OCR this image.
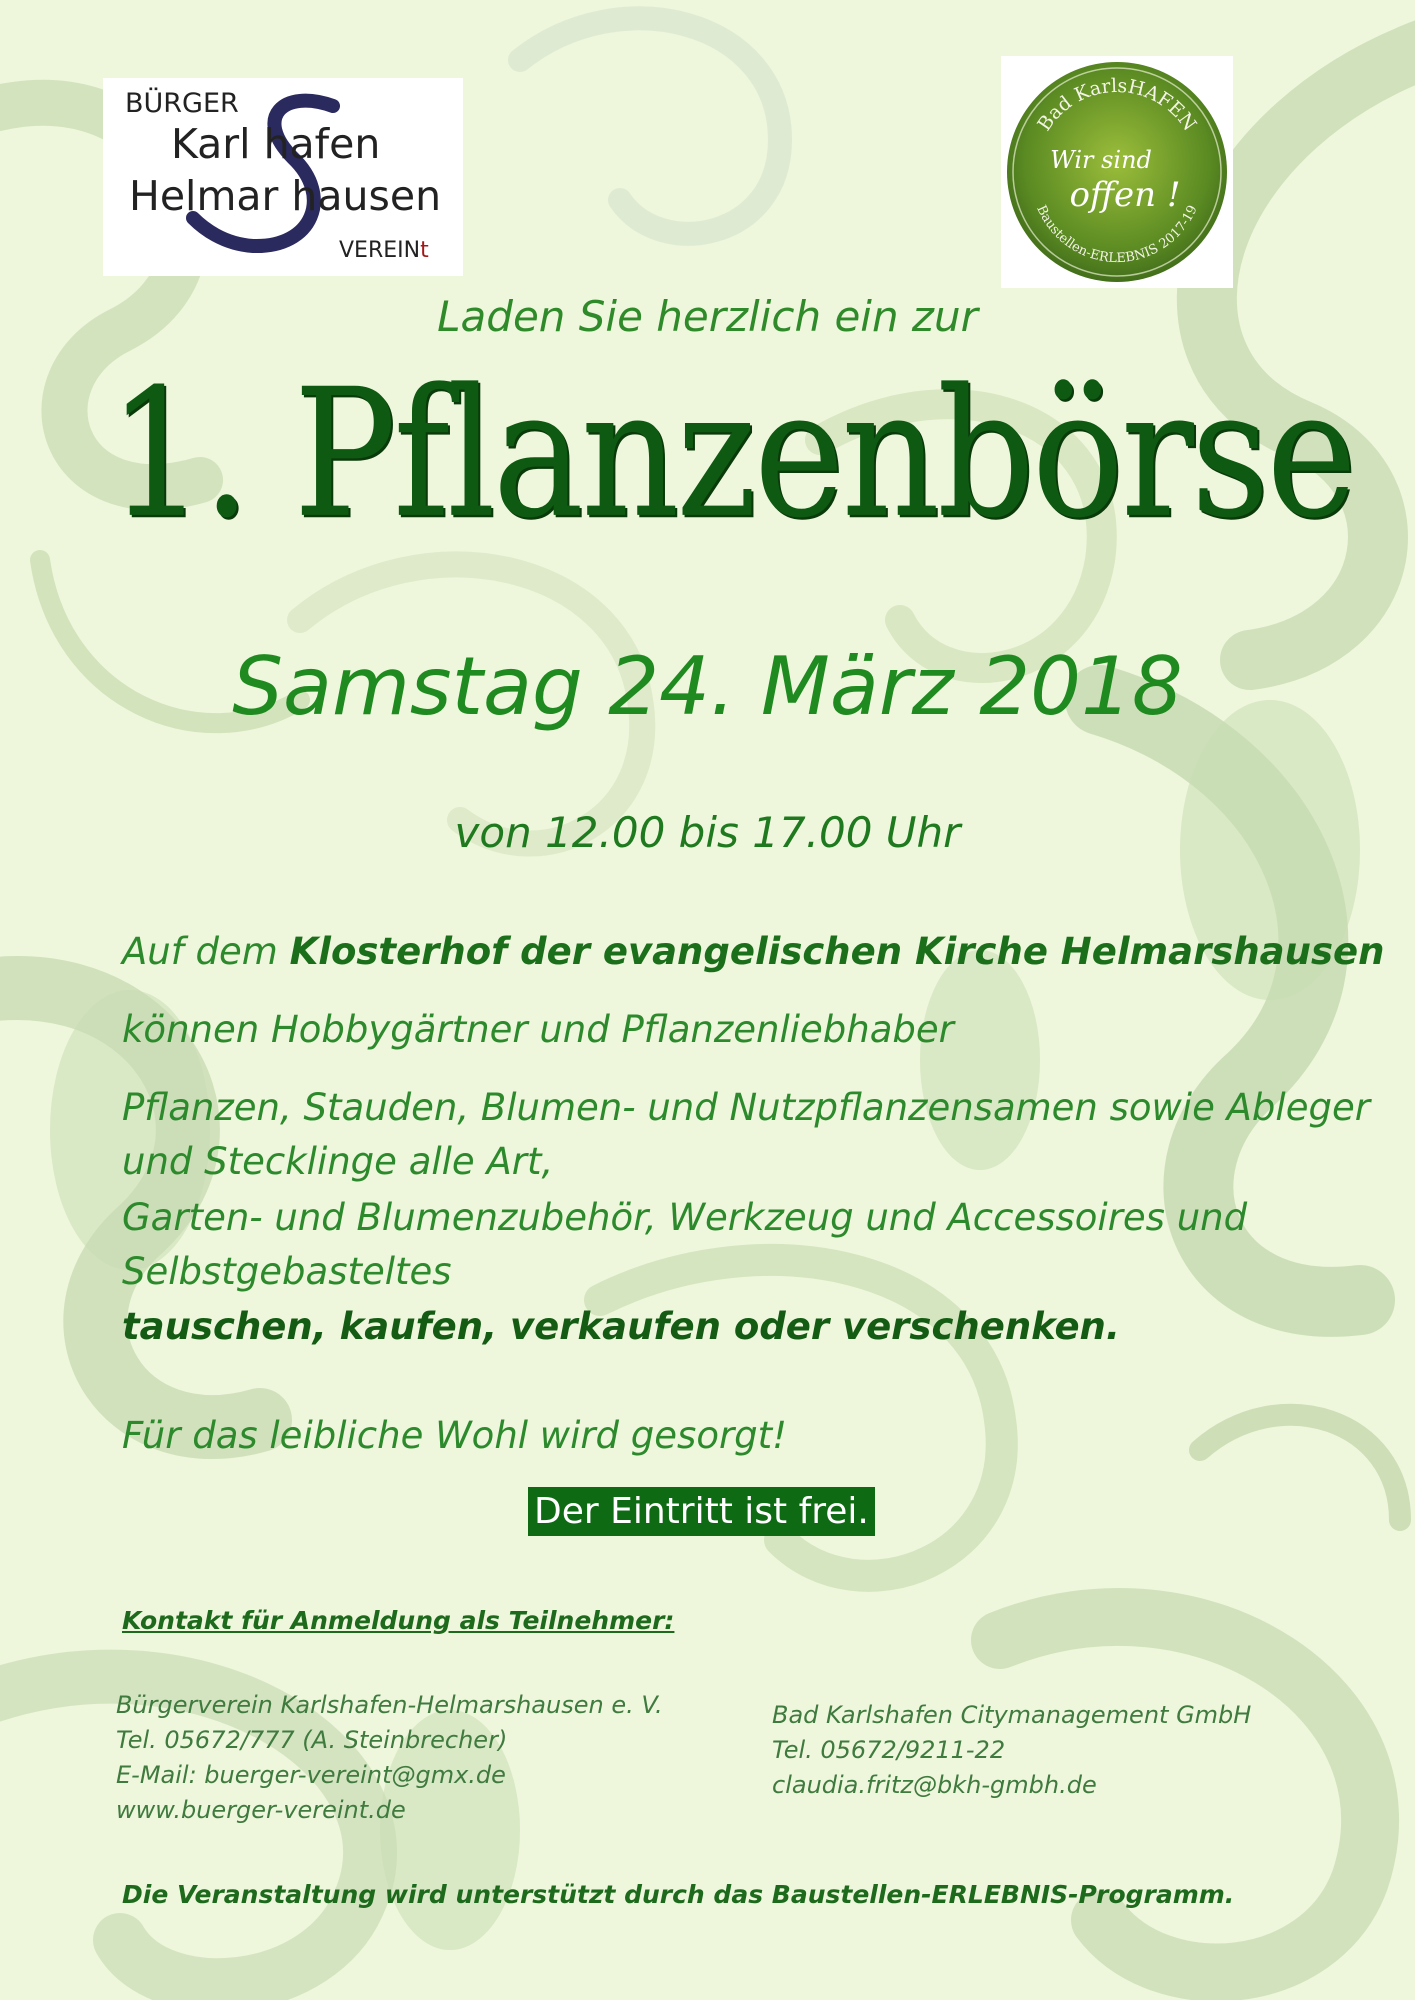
BÜRGER
Karl hafen
Helmar hausen
VEREINt
Bad KarlsHAFEN
Baustellen-ERLEBNIS 2017-19
Wir sind
offen !
Laden Sie herzlich ein zur
1. Pflanzenbörse
Samstag 24. März 2018
von 12.00 bis 17.00 Uhr
Auf dem Klosterhof der evangelischen Kirche Helmarshausen
können Hobbygärtner und Pflanzenliebhaber
Pflanzen, Stauden, Blumen- und Nutzpflanzensamen sowie Ableger
und Stecklinge alle Art,
Garten- und Blumenzubehör, Werkzeug und Accessoires und
Selbstgebasteltes
tauschen, kaufen, verkaufen oder verschenken.
Für das leibliche Wohl wird gesorgt!
Der Eintritt ist frei.
Kontakt für Anmeldung als Teilnehmer:
Bürgerverein Karlshafen-Helmarshausen e. V.
Tel. 05672/777 (A. Steinbrecher)
E-Mail: buerger-vereint@gmx.de
www.buerger-vereint.de
Bad Karlshafen Citymanagement GmbH
Tel. 05672/9211-22
claudia.fritz@bkh-gmbh.de
Die Veranstaltung wird unterstützt durch das Baustellen-ERLEBNIS-Programm.
